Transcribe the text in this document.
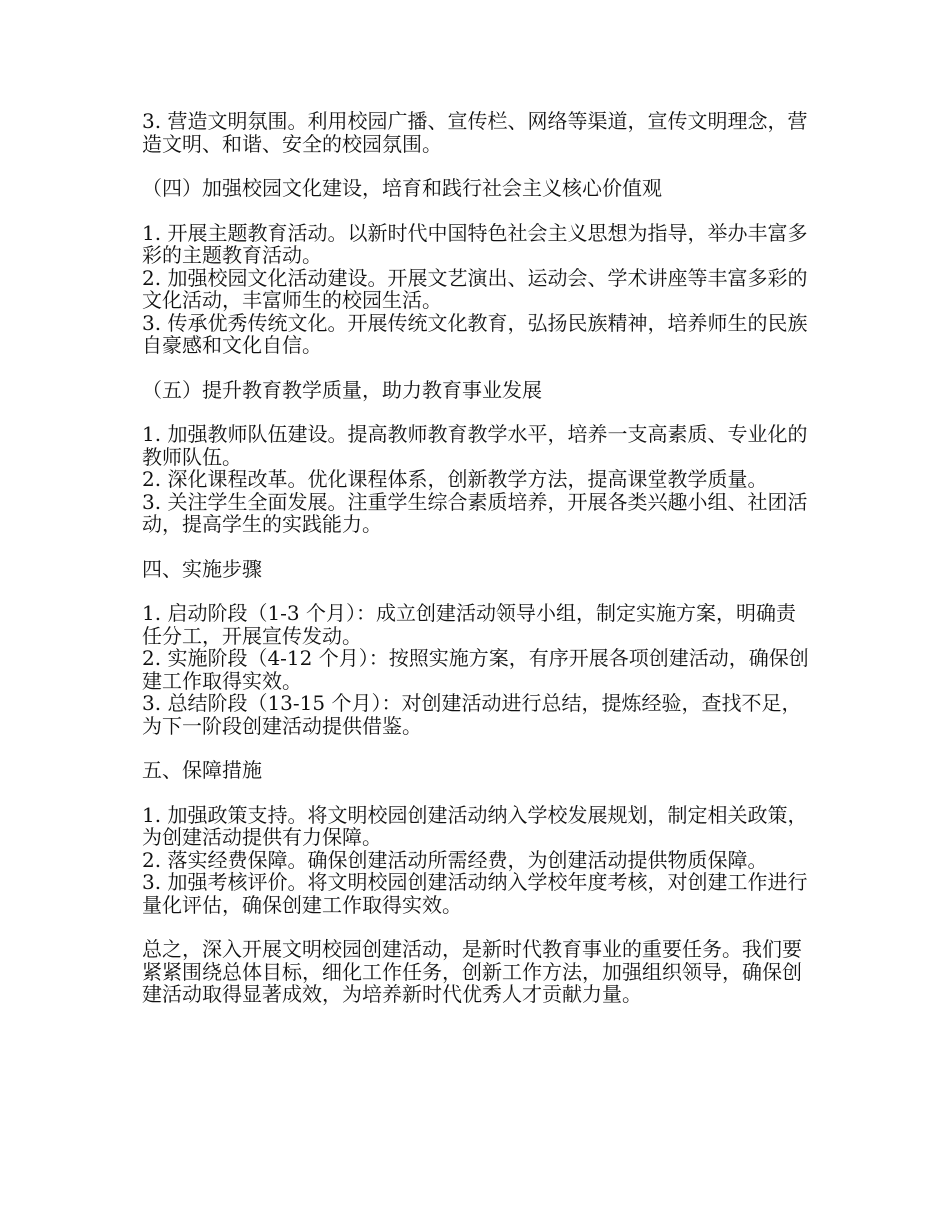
3. 营造文明氛围。利用校园广播、宣传栏、网络等渠道，宣传文明理念，营造文明、和谐、安全的校园氛围。

（四）加强校园文化建设，培育和践行社会主义核心价值观

1. 开展主题教育活动。以新时代中国特色社会主义思想为指导，举办丰富多彩的主题教育活动。

2. 加强校园文化活动建设。开展文艺演出、运动会、学术讲座等丰富多彩的文化活动，丰富师生的校园生活。

3. 传承优秀传统文化。开展传统文化教育，弘扬民族精神，培养师生的民族自豪感和文化自信。

（五）提升教育教学质量，助力教育事业发展

1. 加强教师队伍建设。提高教师教育教学水平，培养一支高素质、专业化的教师队伍。

2. 深化课程改革。优化课程体系，创新教学方法，提高课堂教学质量。

3. 关注学生全面发展。注重学生综合素质培养，开展各类兴趣小组、社团活动，提高学生的实践能力。

四、实施步骤

1. 启动阶段（1-3 个月）：成立创建活动领导小组，制定实施方案，明确责任分工，开展宣传发动。

2. 实施阶段（4-12 个月）：按照实施方案，有序开展各项创建活动，确保创建工作取得实效。

3. 总结阶段（13-15 个月）：对创建活动进行总结，提炼经验，查找不足，为下一阶段创建活动提供借鉴。

五、保障措施

1. 加强政策支持。将文明校园创建活动纳入学校发展规划，制定相关政策，为创建活动提供有力保障。

2. 落实经费保障。确保创建活动所需经费，为创建活动提供物质保障。

3. 加强考核评价。将文明校园创建活动纳入学校年度考核，对创建工作进行量化评估，确保创建工作取得实效。

总之，深入开展文明校园创建活动，是新时代教育事业的重要任务。我们要紧紧围绕总体目标，细化工作任务，创新工作方法，加强组织领导，确保创建活动取得显著成效，为培养新时代优秀人才贡献力量。
